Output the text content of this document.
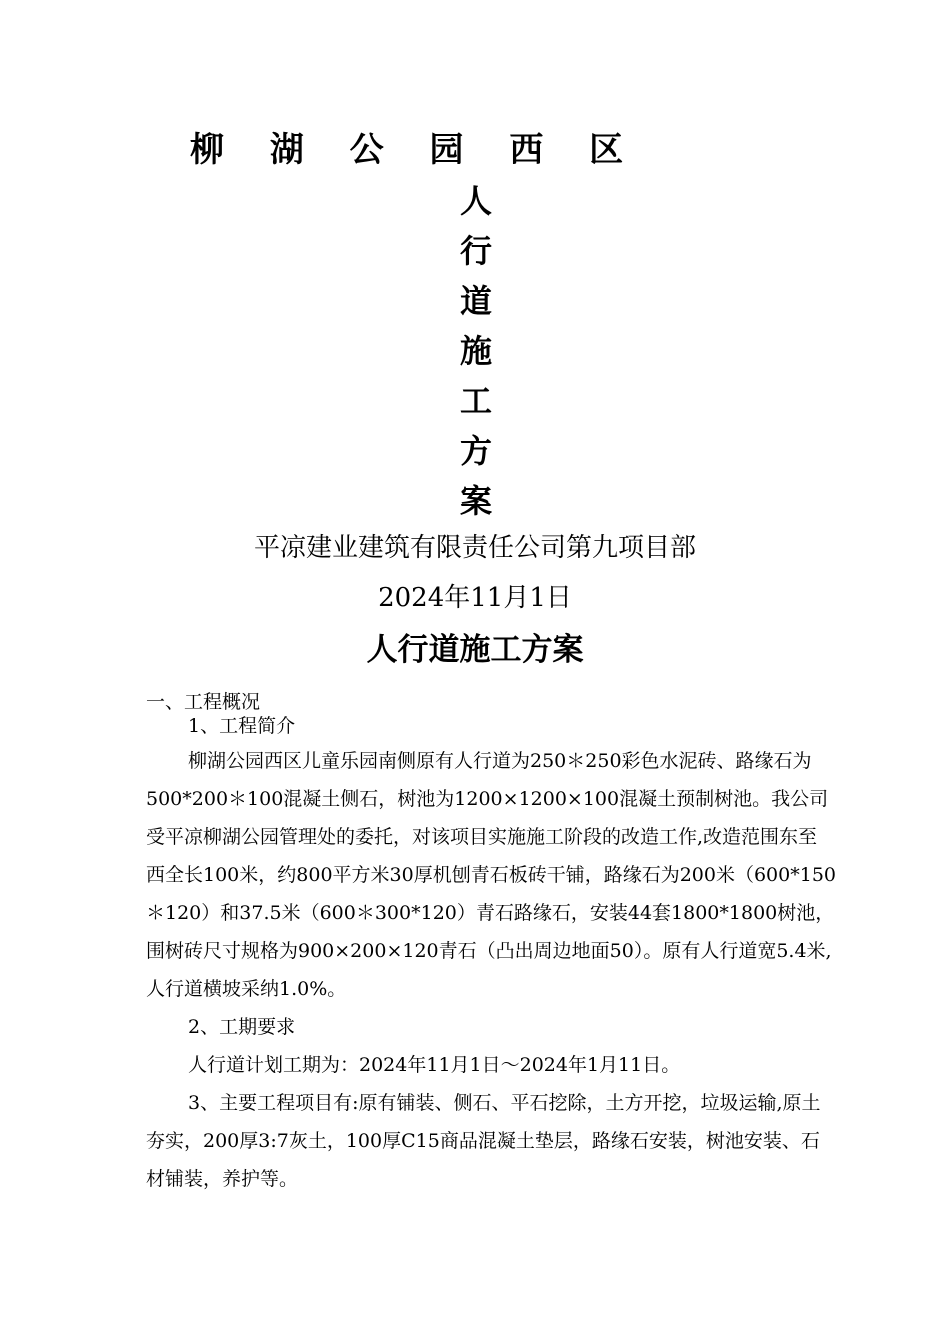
柳 湖 公 园 西 区
人
行
道
施
工
方
案
平凉建业建筑有限责任公司第九项目部
2024年11月1日
人行道施工方案
一、工程概况
1、工程简介
柳湖公园西区儿童乐园南侧原有人行道为250＊250彩色水泥砖、路缘石为500*200＊100混凝土侧石，树池为1200×1200×100混凝土预制树池。我公司受平凉柳湖公园管理处的委托，对该项目实施施工阶段的改造工作,改造范围东至西全长100米，约800平方米30厚机刨青石板砖干铺，路缘石为200米（600*150＊120）和37.5米（600＊300*120）青石路缘石，安装44套1800*1800树池，围树砖尺寸规格为900×200×120青石（凸出周边地面50）。原有人行道宽5.4米,人行道横坡采纳1.0%。
2、工期要求
人行道计划工期为：2024年11月1日～2024年1月11日。
3、主要工程项目有:原有铺装、侧石、平石挖除，土方开挖，垃圾运输,原土夯实，200厚3:7灰土，100厚C15商品混凝土垫层，路缘石安装，树池安装、石材铺装，养护等。
